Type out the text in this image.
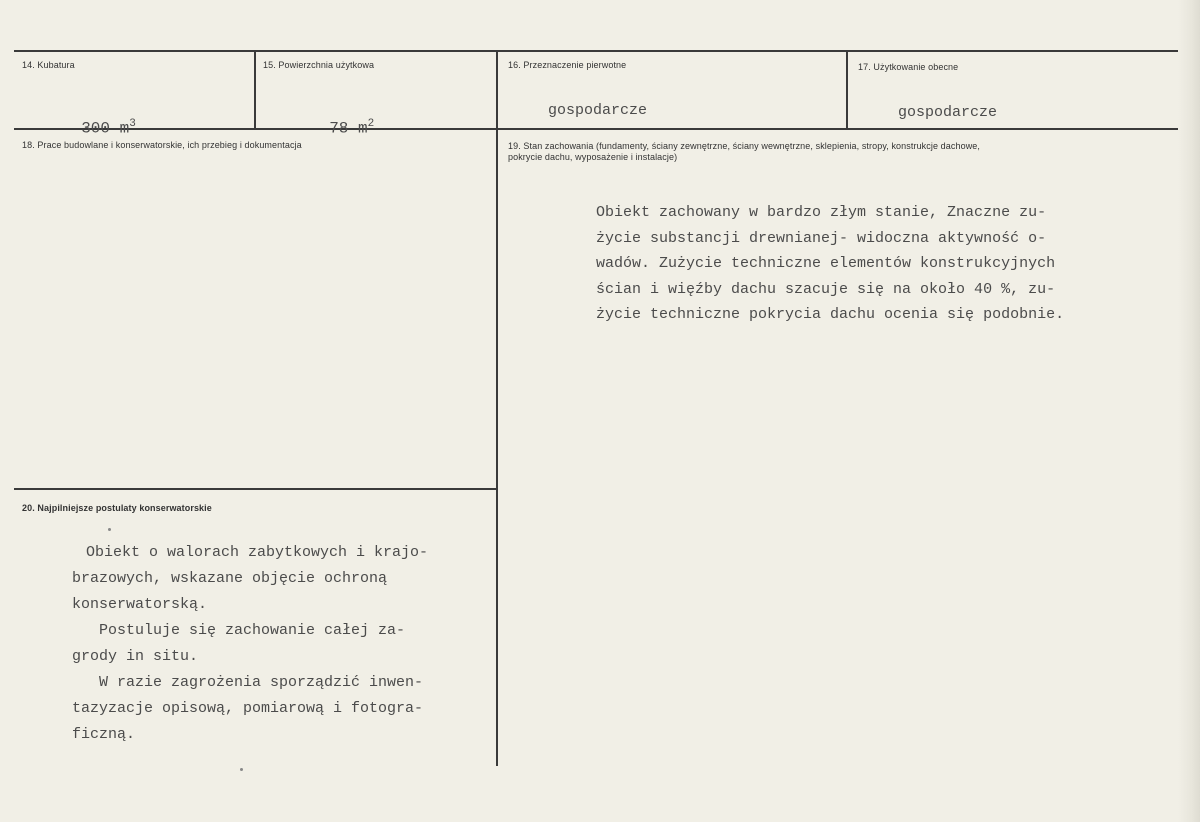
14. Kubatura

300 $m^3$

15. Powierzchnia użytkowa

78 $m^2$

16. Przeznaczenie pierwotne
gospodarcze
17. Użytkowanie obecne
gospodarcze
18. Prace budowlane i konserwatorskie, ich przebieg i dokumentacja	19. Stan zachowania (fundamenty, ściany zewnętrzne, ściany wewnętrzne, sklepienia, stropy, konstrukcje dachowe, pokrycie dachu, wyposażenie i instalacje)
Obiekt zachowany w bardzo złym stanie, Znaczne zu-
życie substancji drewnianej- widoczna aktywność o-
wadów. Zużycie techniczne elementów konstrukcyjnych
ścian i więźby dachu szacuje się na około 40 %, zu-
życie techniczne pokrycia dachu ocenia się podobnie.
20. Najpilniejsze postulaty konserwatorskie
Obiekt o walorach zabytkowych i krajo-
brazowych, wskazane objęcie ochroną
konserwatorską.
Postuluje się zachowanie całej za-
grody in situ.
W razie zagrożenia sporządzić inwen-
tazyzacje opisową, pomiarową i fotogra-
ficzną.
